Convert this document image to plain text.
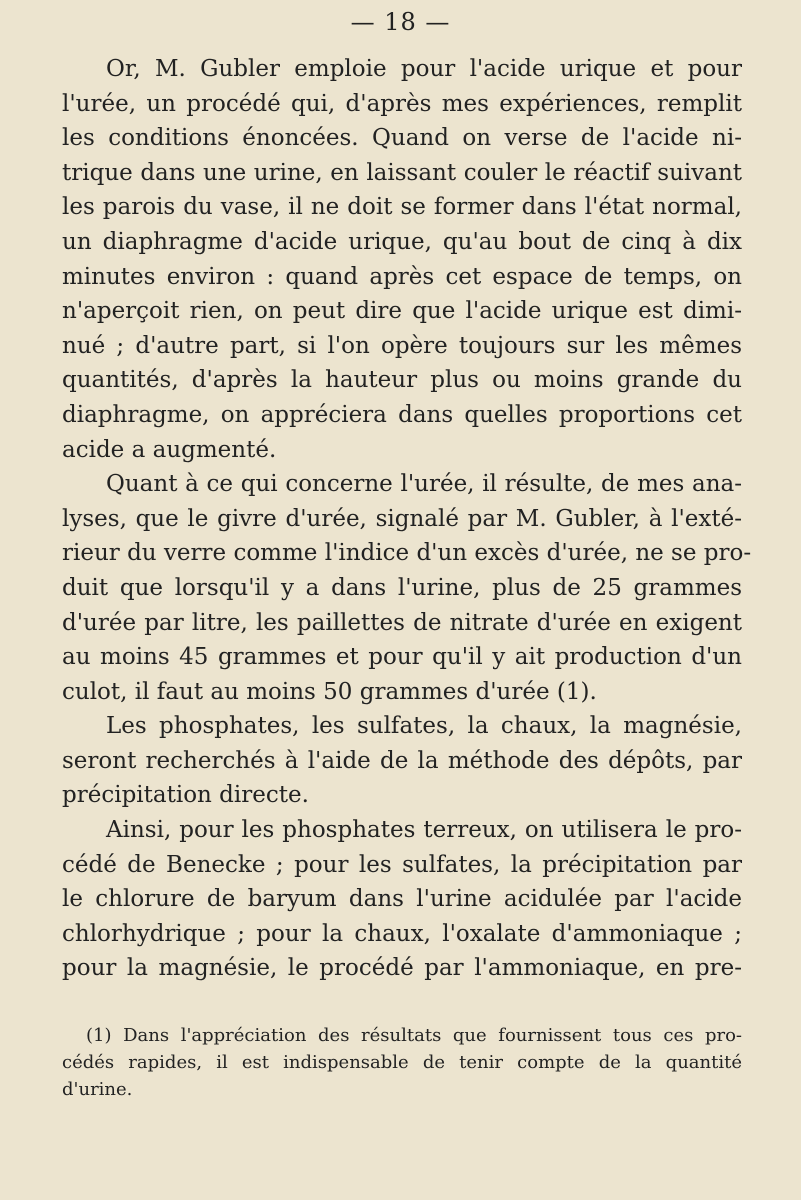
— 18 —
Or, M. Gubler emploie pour l'acide urique et pour
l'urée, un procédé qui, d'après mes expériences, remplit
les conditions énoncées. Quand on verse de l'acide ni-
trique dans une urine, en laissant couler le réactif suivant
les parois du vase, il ne doit se former dans l'état normal,
un diaphragme d'acide urique, qu'au bout de cinq à dix
minutes environ : quand après cet espace de temps, on
n'aperçoit rien, on peut dire que l'acide urique est dimi-
nué ; d'autre part, si l'on opère toujours sur les mêmes
quantités, d'après la hauteur plus ou moins grande du
diaphragme, on appréciera dans quelles proportions cet
acide a augmenté.
Quant à ce qui concerne l'urée, il résulte, de mes ana-
lyses, que le givre d'urée, signalé par M. Gubler, à l'exté-
rieur du verre comme l'indice d'un excès d'urée, ne se pro-
duit que lorsqu'il y a dans l'urine, plus de 25 grammes
d'urée par litre, les paillettes de nitrate d'urée en exigent
au moins 45 grammes et pour qu'il y ait production d'un
culot, il faut au moins 50 grammes d'urée (1).
Les phosphates, les sulfates, la chaux, la magnésie,
seront recherchés à l'aide de la méthode des dépôts, par
précipitation directe.
Ainsi, pour les phosphates terreux, on utilisera le pro-
cédé de Benecke ; pour les sulfates, la précipitation par
le chlorure de baryum dans l'urine acidulée par l'acide
chlorhydrique ; pour la chaux, l'oxalate d'ammoniaque ;
pour la magnésie, le procédé par l'ammoniaque, en pre-
(1) Dans l'appréciation des résultats que fournissent tous ces pro-
cédés rapides, il est indispensable de tenir compte de la quantité
d'urine.
